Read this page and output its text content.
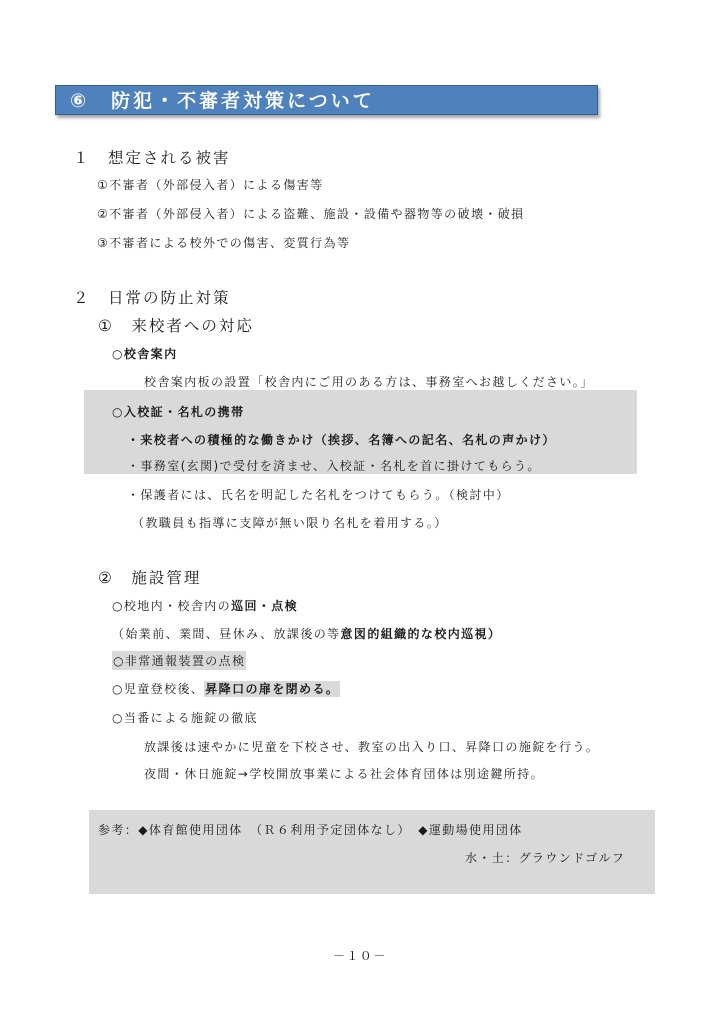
⑥　防犯・不審者対策について
１　想定される被害
①不審者（外部侵入者）による傷害等
②不審者（外部侵入者）による盗難、施設・設備や器物等の破壊・破損
③不審者による校外での傷害、変質行為等
２　日常の防止対策
①　来校者への対応
○校舎案内
校舎案内板の設置「校舎内にご用のある方は、事務室へお越しください。」
○入校証・名札の携帯
・来校者への積極的な働きかけ（挨拶、名簿への記名、名札の声かけ）
・事務室(玄関)で受付を済ませ、入校証・名札を首に掛けてもらう。
・保護者には、氏名を明記した名札をつけてもらう。（検討中）
（教職員も指導に支障が無い限り名札を着用する。）
②　施設管理
○校地内・校舎内の巡回・点検
（始業前、業間、昼休み、放課後の等意図的組織的な校内巡視）
○非常通報装置の点検
○児童登校後、昇降口の扉を閉める。
○当番による施錠の徹底
放課後は速やかに児童を下校させ、教室の出入り口、昇降口の施錠を行う。
夜間・休日施錠→学校開放事業による社会体育団体は別途鍵所持。
参考：◆体育館使用団体　（Ｒ６利用予定団体なし）　◆運動場使用団体
水・土：グラウンドゴルフ
－１０－
